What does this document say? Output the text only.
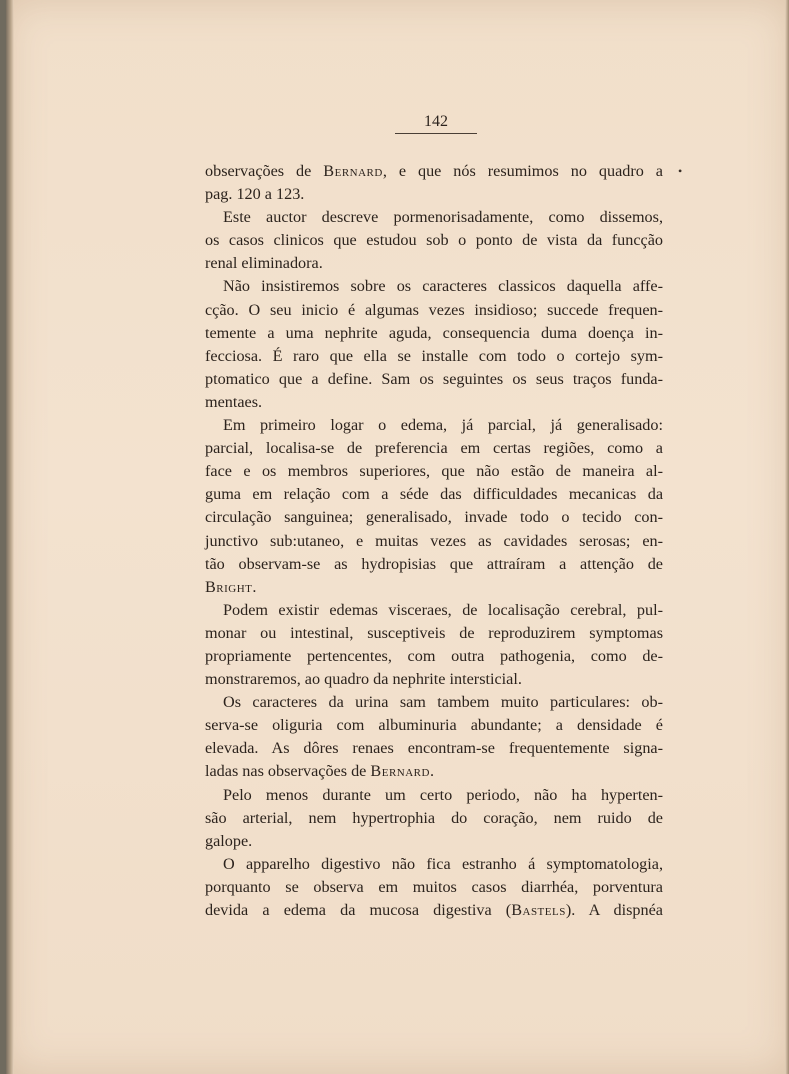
142
•
observações de Bernard, e que nós resumimos no quadro a
pag. 120 a 123.
Este auctor descreve pormenorisadamente, como dissemos,
os casos clinicos que estudou sob o ponto de vista da funcção
renal eliminadora.
Não insistiremos sobre os caracteres classicos daquella affe-
cção. O seu inicio é algumas vezes insidioso; succede frequen-
temente a uma nephrite aguda, consequencia duma doença in-
fecciosa. É raro que ella se installe com todo o cortejo sym-
ptomatico que a define. Sam os seguintes os seus traços funda-
mentaes.
Em primeiro logar o edema, já parcial, já generalisado:
parcial, localisa-se de preferencia em certas regiões, como a
face e os membros superiores, que não estão de maneira al-
guma em relação com a séde das difficuldades mecanicas da
circulação sanguinea; generalisado, invade todo o tecido con-
junctivo sub:utaneo, e muitas vezes as cavidades serosas; en-
tão observam-se as hydropisias que attraíram a attenção de
Bright.
Podem existir edemas visceraes, de localisação cerebral, pul-
monar ou intestinal, susceptiveis de reproduzirem symptomas
propriamente pertencentes, com outra pathogenia, como de-
monstraremos, ao quadro da nephrite intersticial.
Os caracteres da urina sam tambem muito particulares: ob-
serva-se oliguria com albuminuria abundante; a densidade é
elevada. As dôres renaes encontram-se frequentemente signa-
ladas nas observações de Bernard.
Pelo menos durante um certo periodo, não ha hyperten-
são arterial, nem hypertrophia do coração, nem ruido de
galope.
O apparelho digestivo não fica estranho á symptomatologia,
porquanto se observa em muitos casos diarrhéa, porventura
devida a edema da mucosa digestiva (Bastels). A dispnéa
